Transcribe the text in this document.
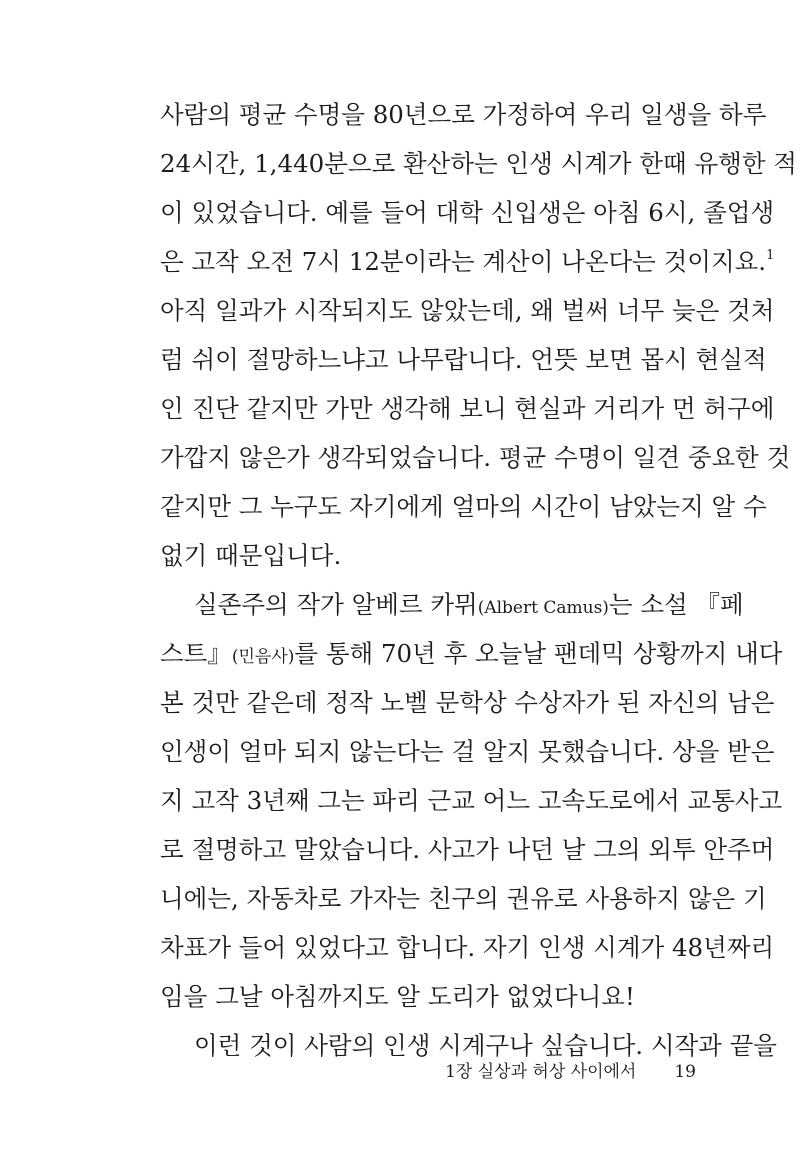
사람의 평균 수명을 80년으로 가정하여 우리 일생을 하루
24시간, 1,440분으로 환산하는 인생 시계가 한때 유행한 적
이 있었습니다. 예를 들어 대학 신입생은 아침 6시, 졸업생
은 고작 오전 7시 12분이라는 계산이 나온다는 것이지요.$^1$
아직 일과가 시작되지도 않았는데, 왜 벌써 너무 늦은 것처
럼 쉬이 절망하느냐고 나무랍니다. 언뜻 보면 몹시 현실적
인 진단 같지만 가만 생각해 보니 현실과 거리가 먼 허구에
가깝지 않은가 생각되었습니다. 평균 수명이 일견 중요한 것
같지만 그 누구도 자기에게 얼마의 시간이 남았는지 알 수
없기 때문입니다.
실존주의 작가 알베르 카뮈(Albert Camus)는 소설 『페
스트』(민음사)를 통해 70년 후 오늘날 팬데믹 상황까지 내다
본 것만 같은데 정작 노벨 문학상 수상자가 된 자신의 남은
인생이 얼마 되지 않는다는 걸 알지 못했습니다. 상을 받은
지 고작 3년째 그는 파리 근교 어느 고속도로에서 교통사고
로 절명하고 말았습니다. 사고가 나던 날 그의 외투 안주머
니에는, 자동차로 가자는 친구의 권유로 사용하지 않은 기
차표가 들어 있었다고 합니다. 자기 인생 시계가 48년짜리
임을 그날 아침까지도 알 도리가 없었다니요!
이런 것이 사람의 인생 시계구나 싶습니다. 시작과 끝을
1장 실상과 허상 사이에서 19
